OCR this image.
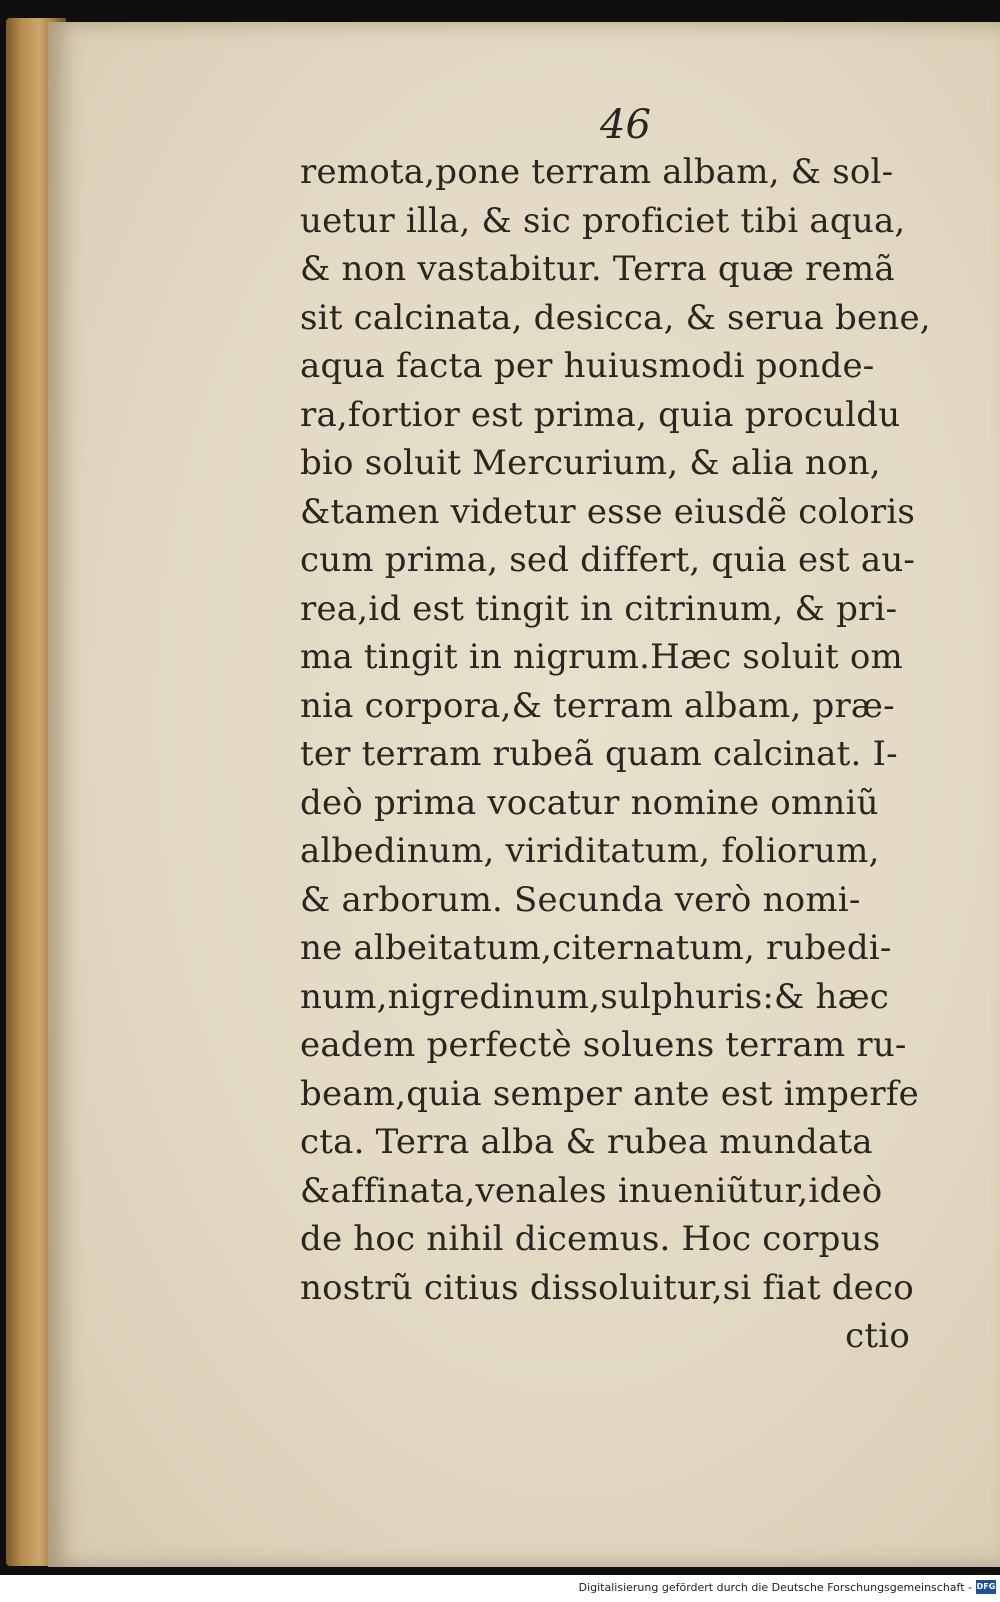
46
remota,pone terram albam, & sol-
uetur illa, & sic proficiet tibi aqua,
& non vastabitur. Terra quæ remã
sit calcinata, desicca, & serua bene,
aqua facta per huiusmodi ponde-
ra,fortior est prima, quia proculdu
bio soluit Mercurium, & alia non,
&tamen videtur esse eiusdẽ coloris
cum prima, sed differt, quia est au-
rea,id est tingit in citrinum, & pri-
ma tingit in nigrum.Hæc soluit om
nia corpora,& terram albam, præ-
ter terram rubeã quam calcinat. I-
deò prima vocatur nomine omniũ
albedinum, viriditatum, foliorum,
& arborum. Secunda verò nomi-
ne albeitatum,citernatum, rubedi-
num,nigredinum,sulphuris:& hæc
eadem perfectè soluens terram ru-
beam,quia semper ante est imperfe
cta. Terra alba & rubea mundata
&affinata,venales inueniũtur,ideò
de hoc nihil dicemus. Hoc corpus
nostrũ citius dissoluitur,si fiat deco
ctio
Digitalisierung gefördert durch die Deutsche Forschungsgemeinschaft - DFG
